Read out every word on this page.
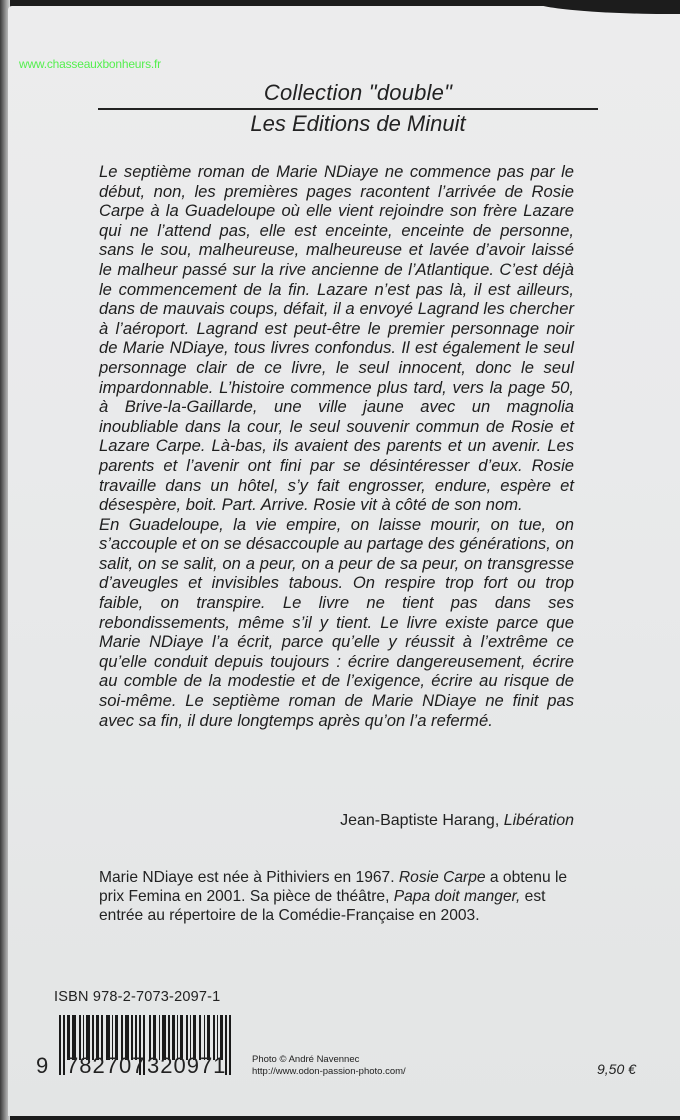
www.chasseauxbonheurs.fr
Collection "double"
Les Editions de Minuit

Le septième roman de Marie NDiaye ne commence pas par le début, non, les premières pages racontent l’arrivée de Rosie Carpe à la Guadeloupe où elle vient rejoindre son frère Lazare qui ne l’attend pas, elle est enceinte, enceinte de personne, sans le sou, malheureuse, malheureuse et lavée d’avoir laissé le malheur passé sur la rive ancienne de l’Atlantique. C’est déjà le commencement de la fin. Lazare n’est pas là, il est ailleurs, dans de mauvais coups, défait, il a envoyé Lagrand les chercher à l’aéroport. Lagrand est peut-être le premier personnage noir de Marie NDiaye, tous livres confondus. Il est également le seul personnage clair de ce livre, le seul innocent, donc le seul impardonnable. L’histoire commence plus tard, vers la page 50, à Brive-la-Gaillarde, une ville jaune avec un magnolia inoubliable dans la cour, le seul souvenir commun de Rosie et Lazare Carpe. Là-bas, ils avaient des parents et un avenir. Les parents et l’avenir ont fini par se désintéresser d’eux. Rosie travaille dans un hôtel, s’y fait engrosser, endure, espère et désespère, boit. Part. Arrive. Rosie vit à côté de son nom.

En Guadeloupe, la vie empire, on laisse mourir, on tue, on s’accouple et on se désaccouple au partage des générations, on salit, on se salit, on a peur, on a peur de sa peur, on transgresse d’aveugles et invisibles tabous. On respire trop fort ou trop faible, on transpire. Le livre ne tient pas dans ses rebondissements, même s’il y tient. Le livre existe parce que Marie NDiaye l’a écrit, parce qu’elle y réussit à l’extrême ce qu’elle conduit depuis toujours : écrire dangereusement, écrire au comble de la modestie et de l’exigence, écrire au risque de soi-même. Le septième roman de Marie NDiaye ne finit pas avec sa fin, il dure longtemps après qu’on l’a refermé.

Jean-Baptiste Harang, Libération
Marie NDiaye est née à Pithiviers en 1967. Rosie Carpe a obtenu le prix Femina en 2001. Sa pièce de théâtre, Papa doit manger, est entrée au répertoire de la Comédie-Française en 2003.
ISBN 978-2-7073-2097-1
9 782707 320971	Photo © André Navennec
http://www.odon-passion-photo.com/	9,50 €
